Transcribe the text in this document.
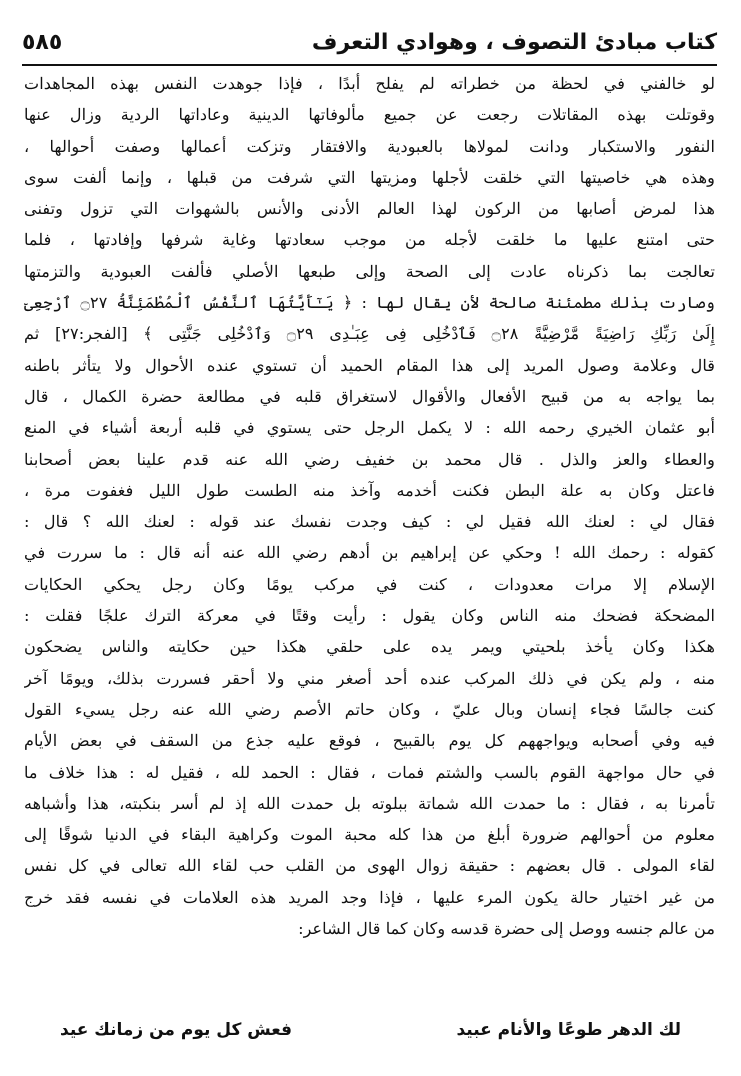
كتاب مبادئ التصوف ، وهوادي التعرف
٥٨٥
لو خالفني في لحظة من خطراته لم يفلح أبدًا ، فإذا جوهدت النفس بهذه المجاهدات
وقوتلت بهذه المقاتلات رجعت عن جميع مألوفاتها الدينية وعاداتها الردية وزال عنها
النفور والاستكبار ودانت لمولاها بالعبودية والافتقار وتزكت أعمالها وصفت أحوالها ،
وهذه هي خاصيتها التي خلقت لأجلها ومزيتها التي شرفت من قبلها ، وإنما ألفت سوى
هذا لمرض أصابها من الركون لهذا العالم الأدنى والأنس بالشهوات التي تزول وتفنى
حتى امتنع عليها ما خلقت لأجله من موجب سعادتها وغاية شرفها وإفادتها ، فلما
تعالجت بما ذكرناه عادت إلى الصحة وإلى طبعها الأصلي فألفت العبودية والتزمتها
وصارت بذلك مطمئنة صالحة لأن يقال لها : ﴿ يَـٰٓأَيَّتُهَا ٱلنَّفْسُ ٱلْمُطْمَئِنَّةُ ۝٢٧ ٱرْجِعِىٓ
إِلَىٰ رَبِّكِ رَاضِيَةً مَّرْضِيَّةً ۝٢٨ فَٱدْخُلِى فِى عِبَـٰدِى ۝٢٩ وَٱدْخُلِى جَنَّتِى ﴾ [الفجر:٢٧] ثم
قال وعلامة وصول المريد إلى هذا المقام الحميد أن تستوي عنده الأحوال ولا يتأثر باطنه
بما يواجه به من قبيح الأفعال والأقوال لاستغراق قلبه في مطالعة حضرة الكمال ، قال
أبو عثمان الخيري رحمه الله : لا يكمل الرجل حتى يستوي في قلبه أربعة أشياء في المنع
والعطاء والعز والذل . قال محمد بن خفيف رضي الله عنه قدم علينا بعض أصحابنا
فاعتل وكان به علة البطن فكنت أخدمه وآخذ منه الطست طول الليل فغفوت مرة ،
فقال لي : لعنك الله فقيل لي : كيف وجدت نفسك عند قوله : لعنك الله ؟ قال :
كقوله : رحمك الله ! وحكي عن إبراهيم بن أدهم رضي الله عنه أنه قال : ما سررت في
الإسلام إلا مرات معدودات ، كنت في مركب يومًا وكان رجل يحكي الحكايات
المضحكة فضحك منه الناس وكان يقول : رأيت وقتًا في معركة الترك علجًا فقلت :
هكذا وكان يأخذ بلحيتي ويمر يده على حلقي هكذا حين حكايته والناس يضحكون
منه ، ولم يكن في ذلك المركب عنده أحد أصغر مني ولا أحقر فسررت بذلك، ويومًا آخر
كنت جالسًا فجاء إنسان وبال عليّ ، وكان حاتم الأصم رضي الله عنه رجل يسيء القول
فيه وفي أصحابه ويواجههم كل يوم بالقبيح ، فوقع عليه جذع من السقف في بعض الأيام
في حال مواجهة القوم بالسب والشتم فمات ، فقال : الحمد لله ، فقيل له : هذا خلاف ما
تأمرنا به ، فقال : ما حمدت الله شماتة ببلوته بل حمدت الله إذ لم أسر بنكبته، هذا وأشباهه
معلوم من أحوالهم ضرورة أبلغ من هذا كله محبة الموت وكراهية البقاء في الدنيا شوقًا إلى
لقاء المولى . قال بعضهم : حقيقة زوال الهوى من القلب حب لقاء الله تعالى في كل نفس
من غير اختيار حالة يكون المرء عليها ، فإذا وجد المريد هذه العلامات في نفسه فقد خرج
من عالم جنسه ووصل إلى حضرة قدسه وكان كما قال الشاعر:
لك الدهر طوعًا والأنام عبيد
فعش كل يوم من زمانك عيد
